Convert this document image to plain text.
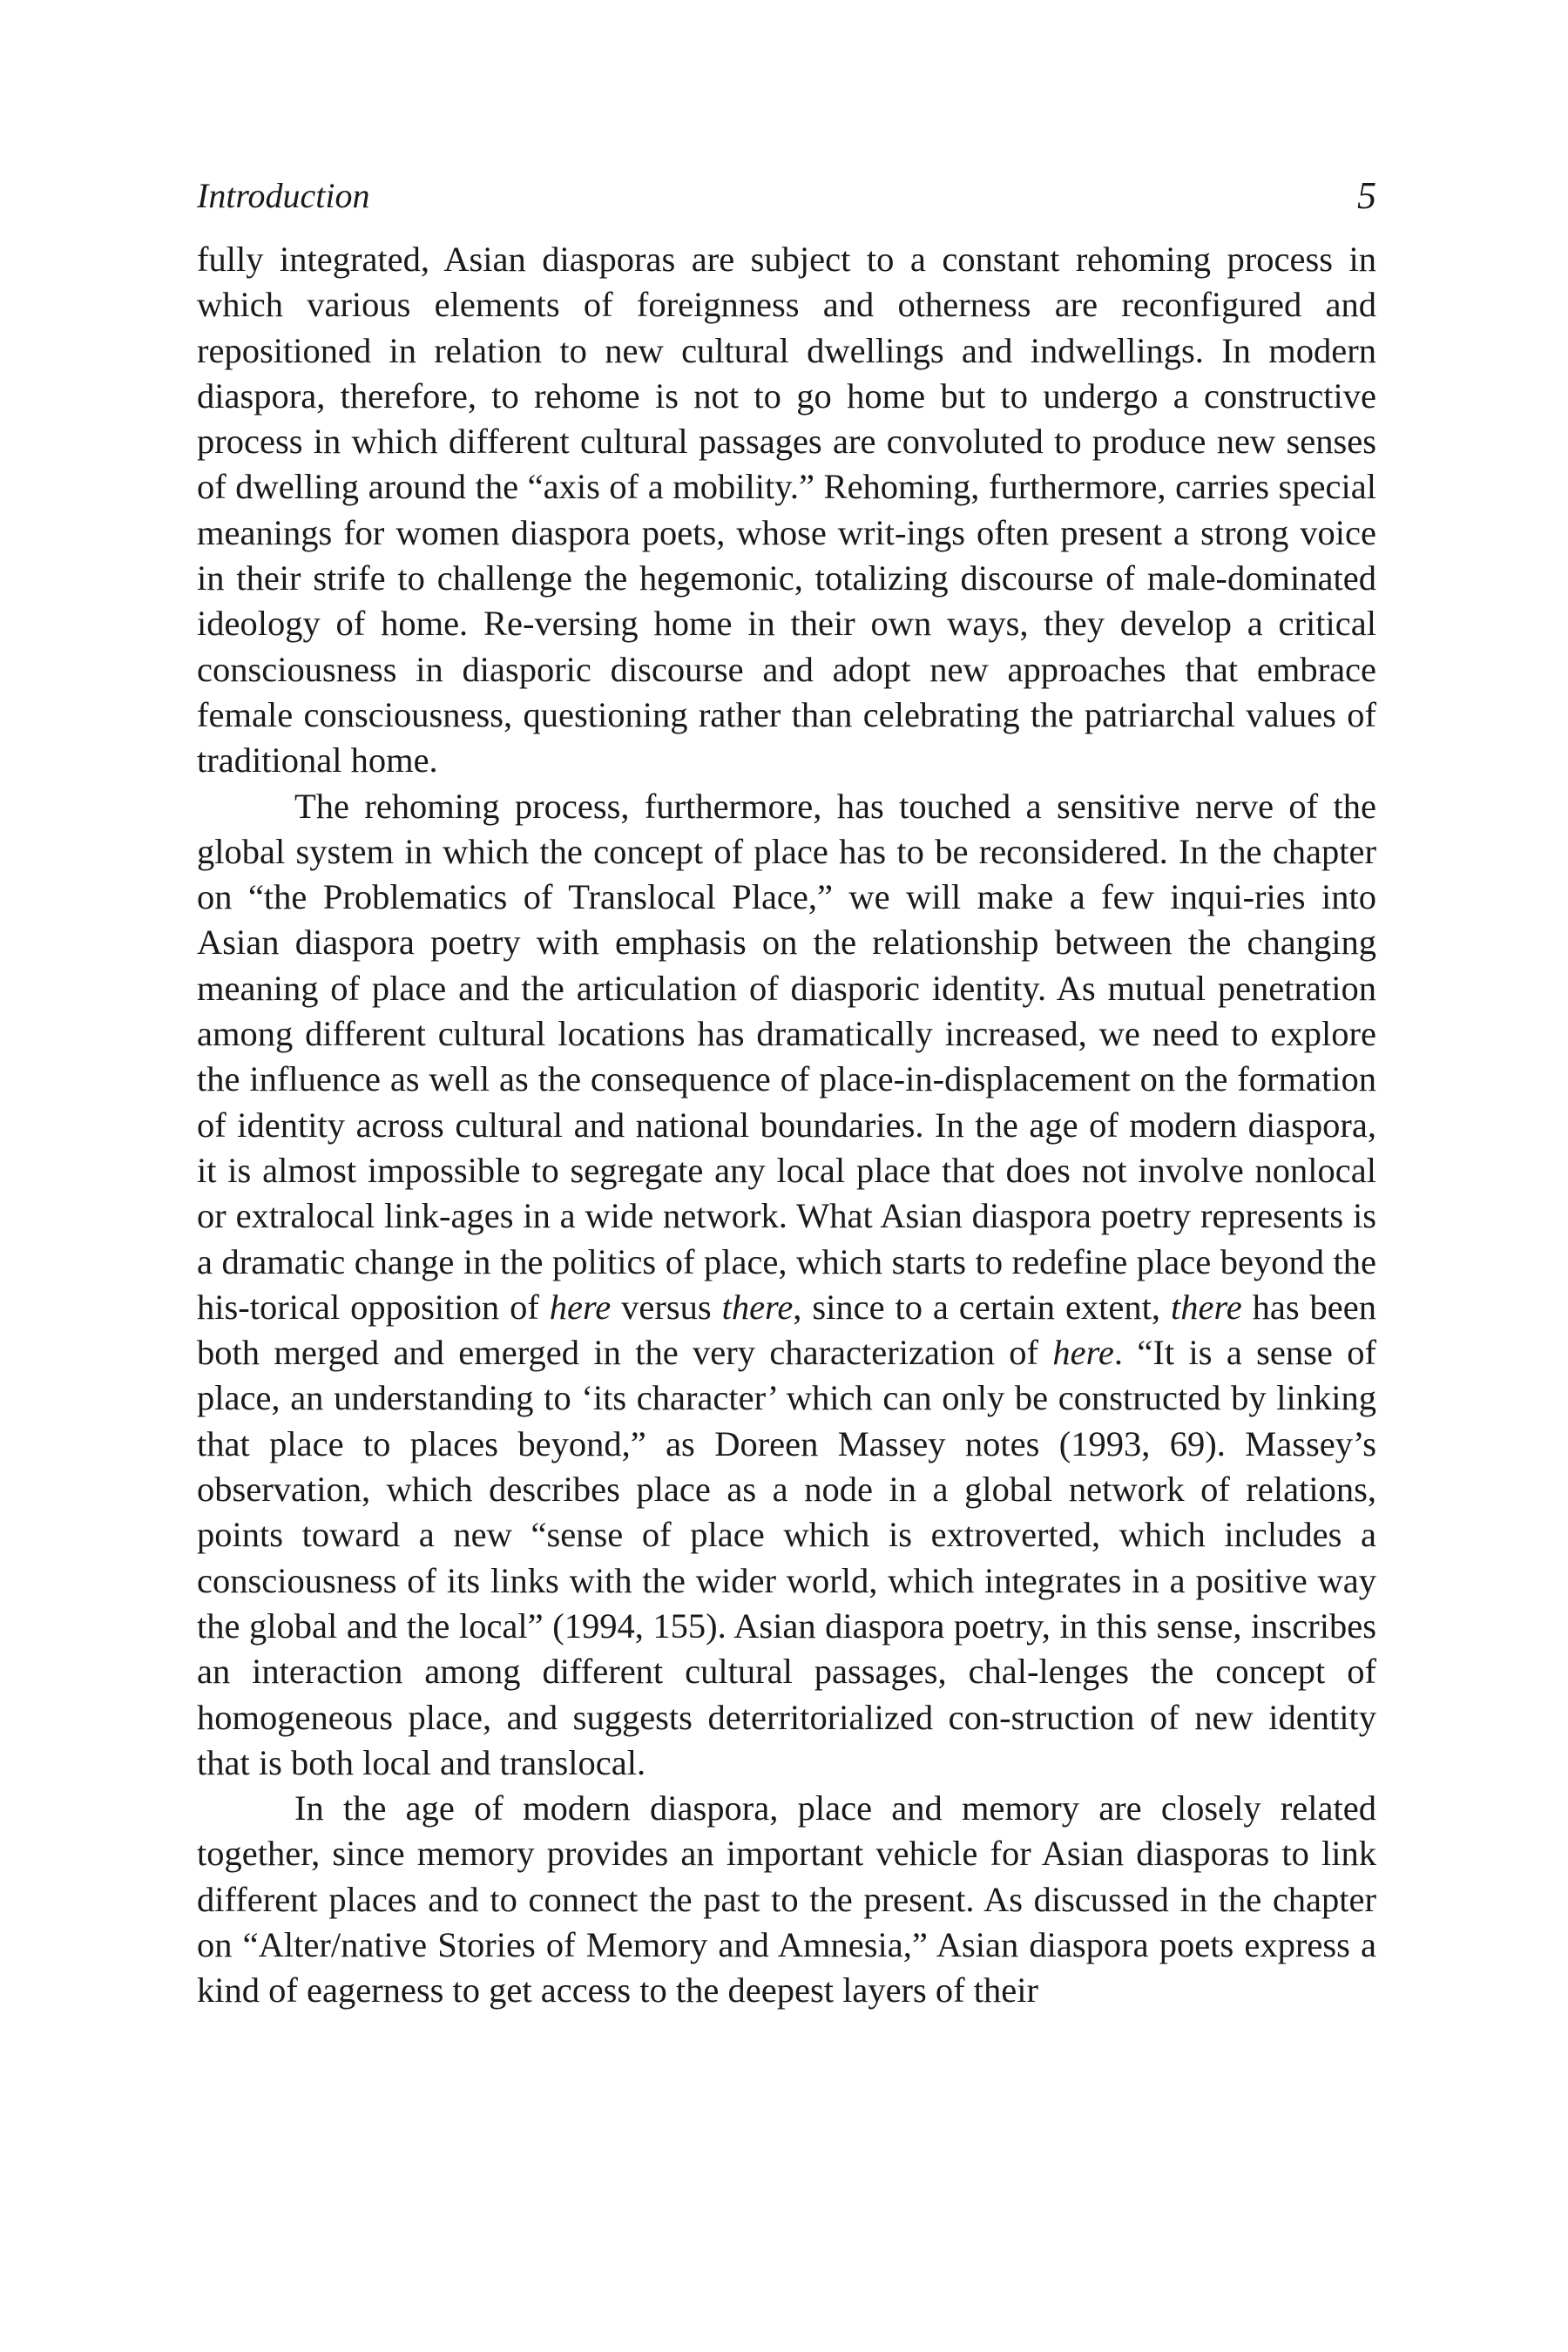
Introduction	5

fully integrated, Asian diasporas are subject to a constant rehoming process in which various elements of foreignness and otherness are reconfigured and repositioned in relation to new cultural dwellings and indwellings. In modern diaspora, therefore, to rehome is not to go home but to undergo a constructive process in which different cultural passages are convoluted to produce new senses of dwelling around the “axis of a mobility.” Rehoming, furthermore, carries special meanings for women diaspora poets, whose writ-ings often present a strong voice in their strife to challenge the hegemonic, totalizing discourse of male-dominated ideology of home. Re-versing home in their own ways, they develop a critical consciousness in diasporic discourse and adopt new approaches that embrace female consciousness, questioning rather than celebrating the patriarchal values of traditional home.

The rehoming process, furthermore, has touched a sensitive nerve of the global system in which the concept of place has to be reconsidered. In the chapter on “the Problematics of Translocal Place,” we will make a few inqui-ries into Asian diaspora poetry with emphasis on the relationship between the changing meaning of place and the articulation of diasporic identity. As mutual penetration among different cultural locations has dramatically increased, we need to explore the influence as well as the consequence of place-in-displacement on the formation of identity across cultural and national boundaries. In the age of modern diaspora, it is almost impossible to segregate any local place that does not involve nonlocal or extralocal link-ages in a wide network. What Asian diaspora poetry represents is a dramatic change in the politics of place, which starts to redefine place beyond the his-torical opposition of here versus there, since to a certain extent, there has been both merged and emerged in the very characterization of here. “It is a sense of place, an understanding to ‘its character’ which can only be constructed by linking that place to places beyond,” as Doreen Massey notes (1993, 69). Massey’s observation, which describes place as a node in a global network of relations, points toward a new “sense of place which is extroverted, which includes a consciousness of its links with the wider world, which integrates in a positive way the global and the local” (1994, 155). Asian diaspora poetry, in this sense, inscribes an interaction among different cultural passages, chal-lenges the concept of homogeneous place, and suggests deterritorialized con-struction of new identity that is both local and translocal.

In the age of modern diaspora, place and memory are closely related together, since memory provides an important vehicle for Asian diasporas to link different places and to connect the past to the present. As discussed in the chapter on “Alter/native Stories of Memory and Amnesia,” Asian diaspora poets express a kind of eagerness to get access to the deepest layers of their
